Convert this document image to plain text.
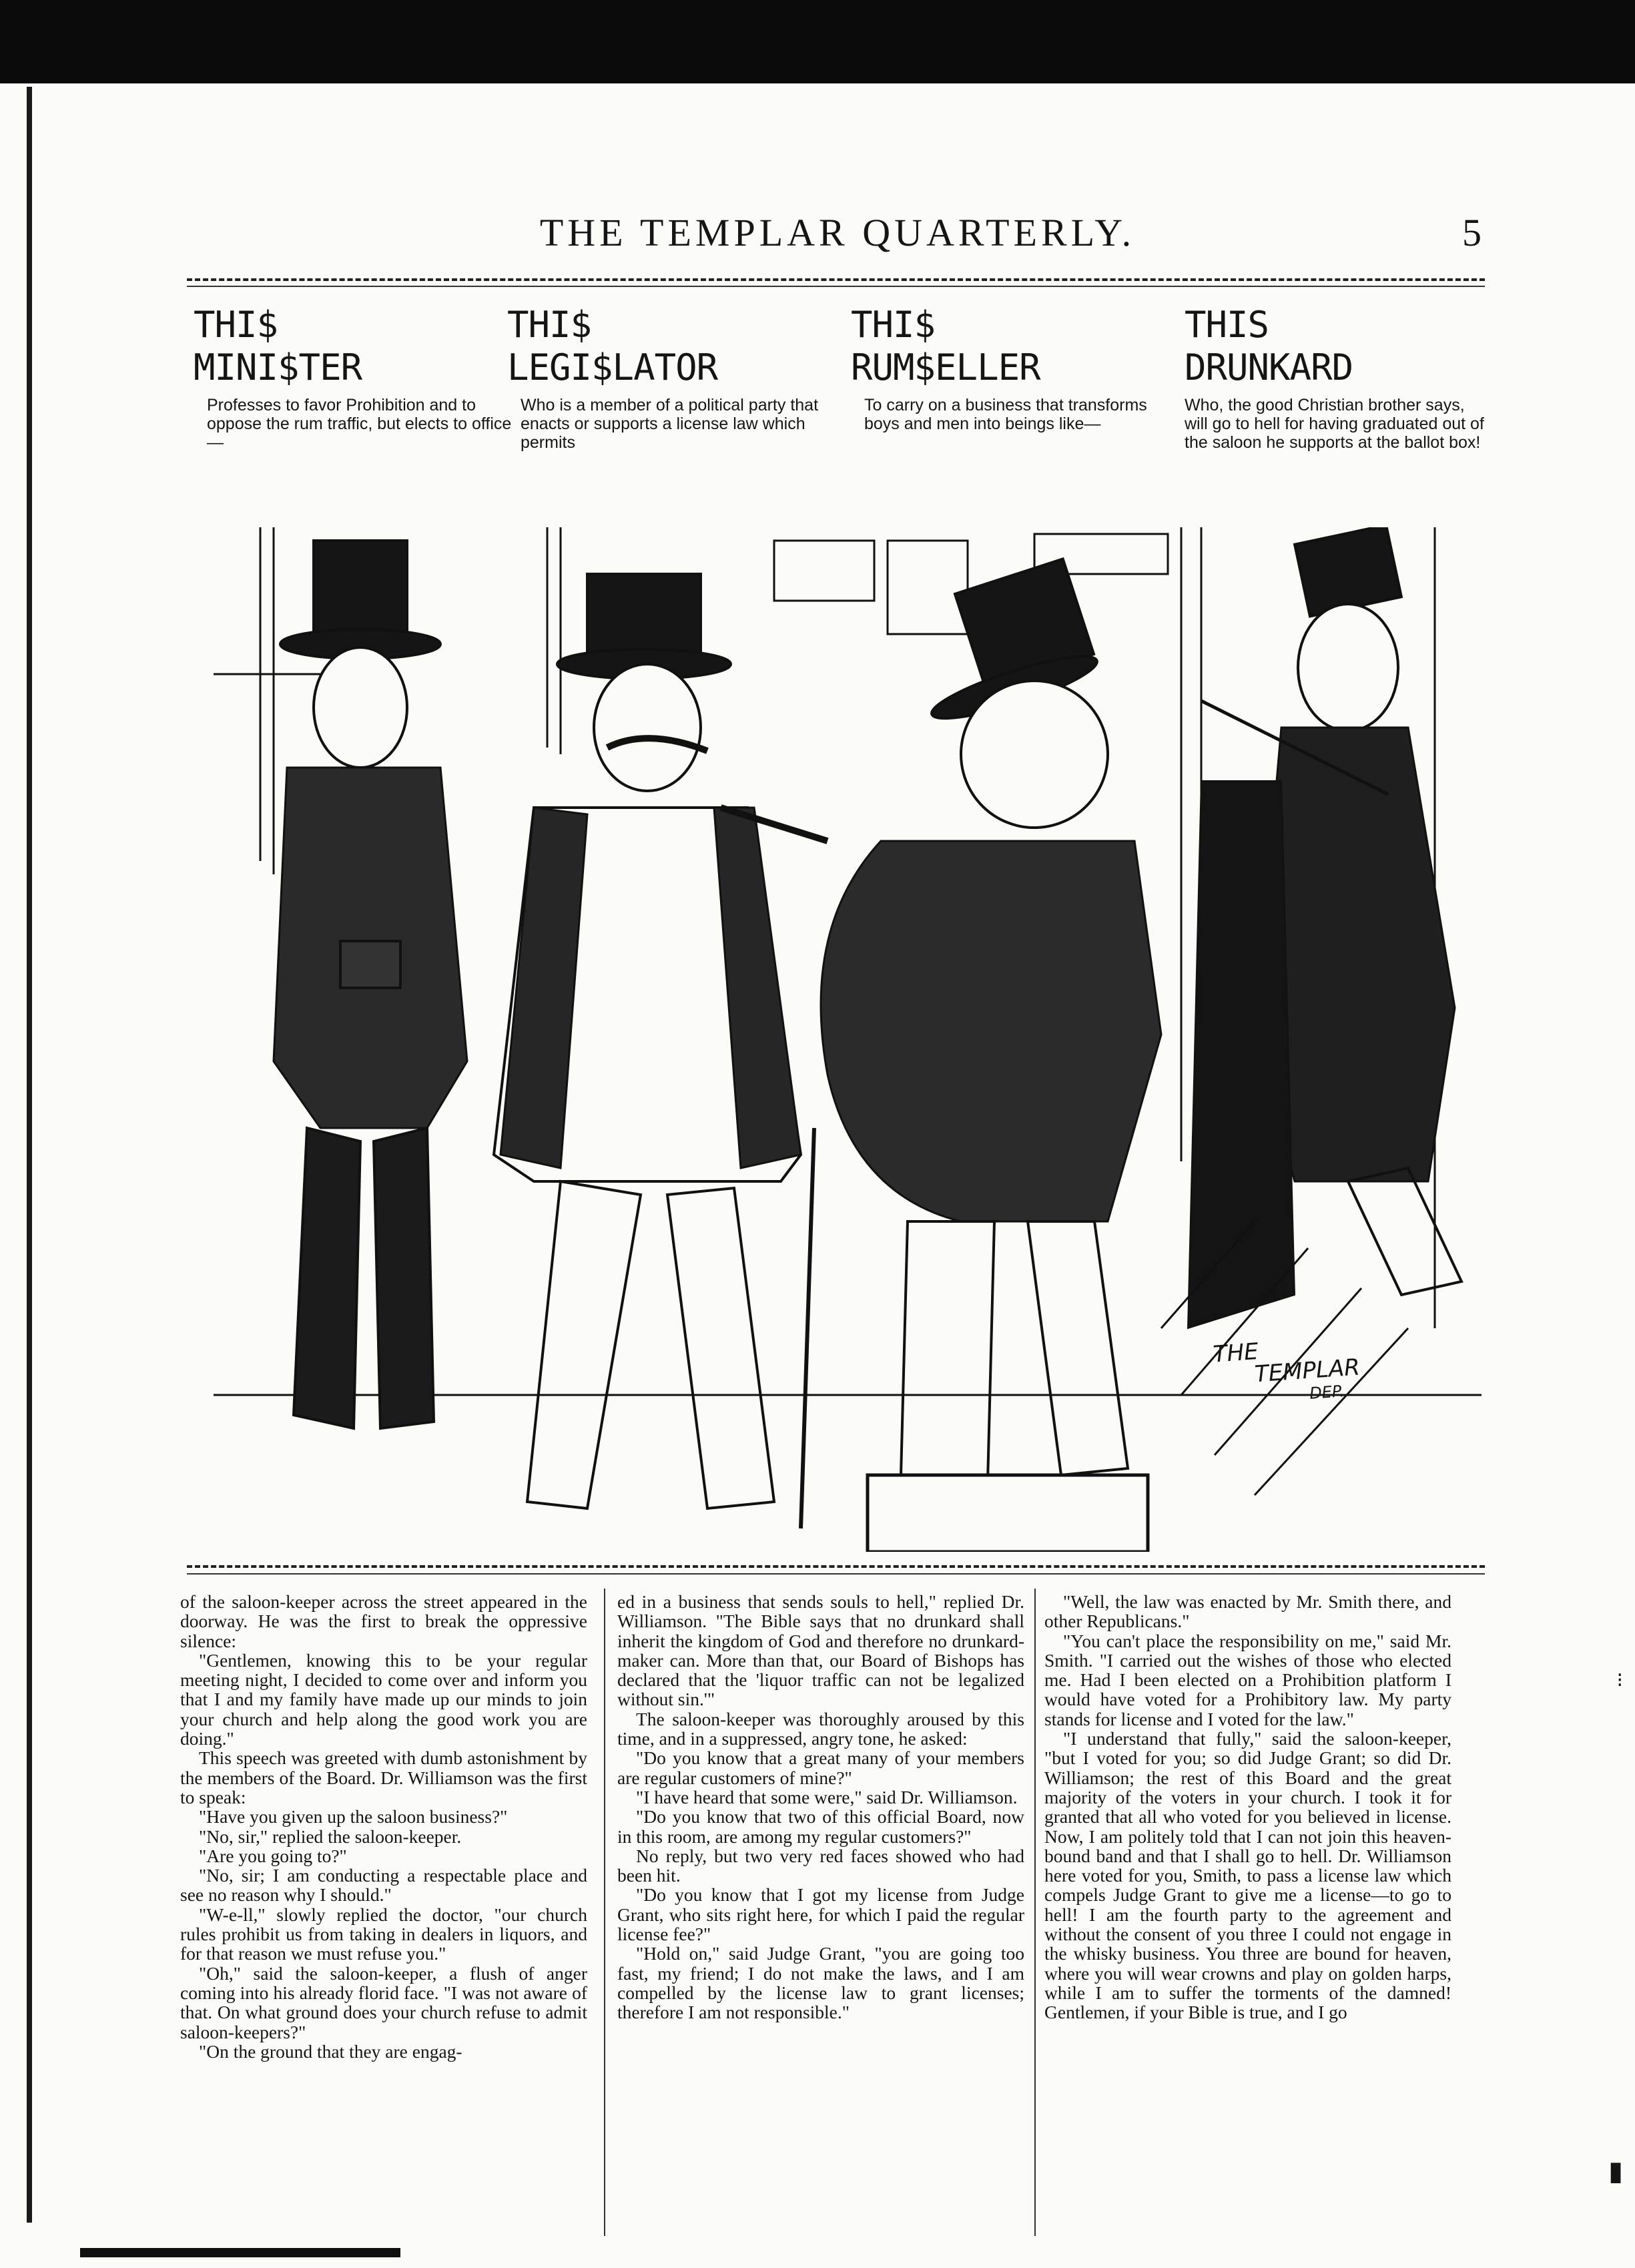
THE TEMPLAR QUARTERLY.	5
THI$
MINI$TER
Professes to favor Prohibition and to oppose the rum traffic, but elects to office—
THI$
LEGI$LATOR
Who is a member of a political party that enacts or supports a license law which permits
THI$
RUM$ELLER
To carry on a business that transforms boys and men into beings like—
THIS
DRUNKARD
Who, the good Christian brother says, will go to hell for having graduated out of the saloon he supports at the ballot box!
THE
TEMPLAR
DEP.

of the saloon-keeper across the street appeared in the doorway. He was the first to break the oppressive silence:

"Gentlemen, knowing this to be your regular meeting night, I decided to come over and inform you that I and my family have made up our minds to join your church and help along the good work you are doing."

This speech was greeted with dumb astonishment by the members of the Board. Dr. Williamson was the first to speak:

"Have you given up the saloon business?"

"No, sir," replied the saloon-keeper.

"Are you going to?"

"No, sir; I am conducting a respectable place and see no reason why I should."

"W-e-ll," slowly replied the doctor, "our church rules prohibit us from taking in dealers in liquors, and for that reason we must refuse you."

"Oh," said the saloon-keeper, a flush of anger coming into his already florid face. "I was not aware of that. On what ground does your church refuse to admit saloon-keepers?"

"On the ground that they are engag-

ed in a business that sends souls to hell," replied Dr. Williamson. "The Bible says that no drunkard shall inherit the kingdom of God and therefore no drunkard-maker can. More than that, our Board of Bishops has declared that the 'liquor traffic can not be legalized without sin.'"

The saloon-keeper was thoroughly aroused by this time, and in a suppressed, angry tone, he asked:

"Do you know that a great many of your members are regular customers of mine?"

"I have heard that some were," said Dr. Williamson.

"Do you know that two of this official Board, now in this room, are among my regular customers?"

No reply, but two very red faces showed who had been hit.

"Do you know that I got my license from Judge Grant, who sits right here, for which I paid the regular license fee?"

"Hold on," said Judge Grant, "you are going too fast, my friend; I do not make the laws, and I am compelled by the license law to grant licenses; therefore I am not responsible."

"Well, the law was enacted by Mr. Smith there, and other Republicans."

"You can't place the responsibility on me," said Mr. Smith. "I carried out the wishes of those who elected me. Had I been elected on a Prohibition platform I would have voted for a Prohibitory law. My party stands for license and I voted for the law."

"I understand that fully," said the saloon-keeper, "but I voted for you; so did Judge Grant; so did Dr. Williamson; the rest of this Board and the great majority of the voters in your church. I took it for granted that all who voted for you believed in license. Now, I am politely told that I can not join this heaven-bound band and that I shall go to hell. Dr. Williamson here voted for you, Smith, to pass a license law which compels Judge Grant to give me a license—to go to hell! I am the fourth party to the agreement and without the consent of you three I could not engage in the whisky business. You three are bound for heaven, where you will wear crowns and play on golden harps, while I am to suffer the torments of the damned! Gentlemen, if your Bible is true, and I go

⁝
▮
